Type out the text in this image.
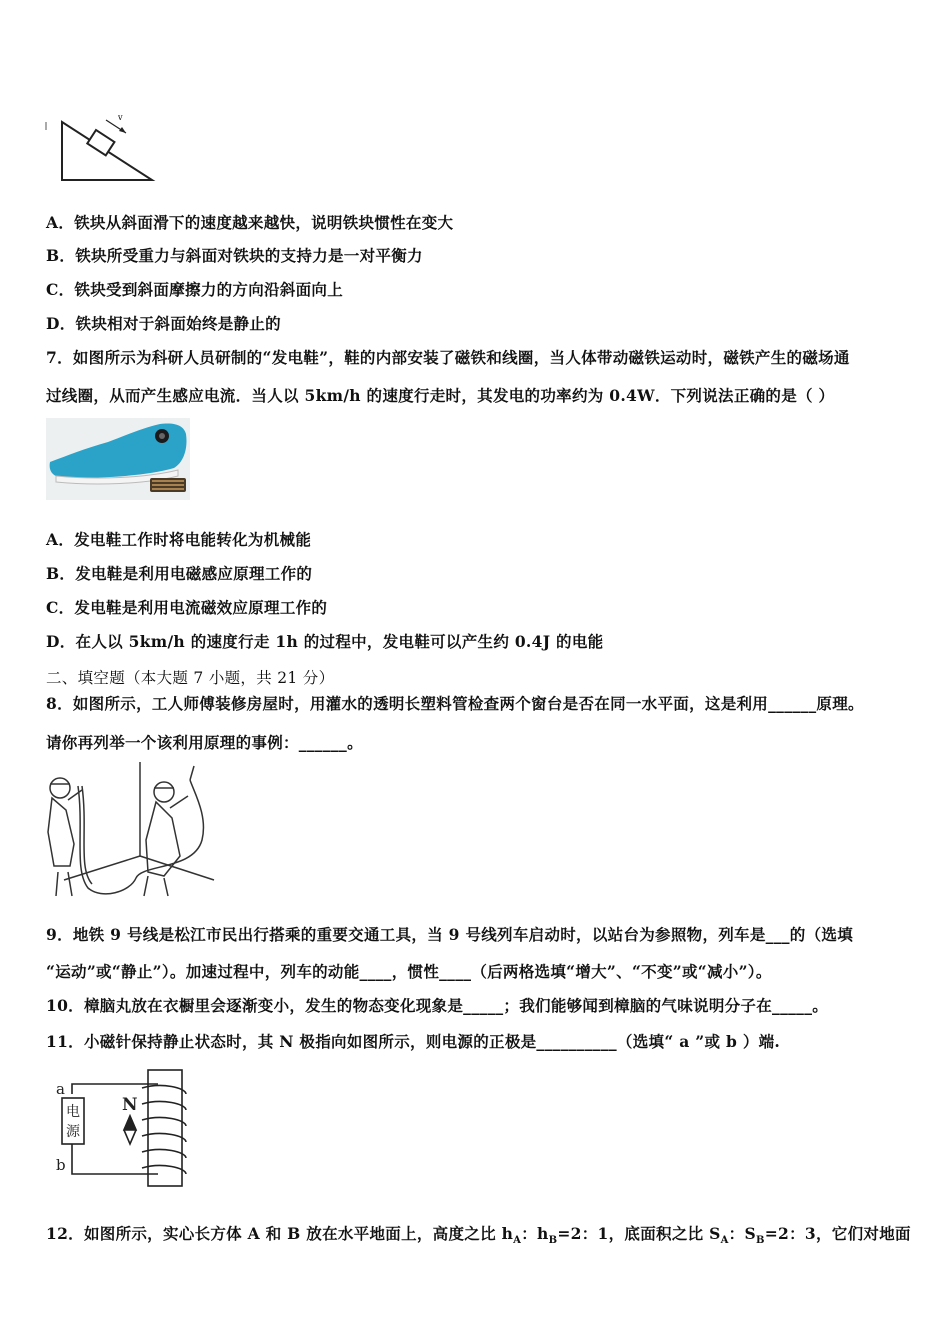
v
A．铁块从斜面滑下的速度越来越快，说明铁块惯性在变大
B．铁块所受重力与斜面对铁块的支持力是一对平衡力
C．铁块受到斜面摩擦力的方向沿斜面向上
D．铁块相对于斜面始终是静止的
7．如图所示为科研人员研制的“发电鞋”，鞋的内部安装了磁铁和线圈，当人体带动磁铁运动时，磁铁产生的磁场通
过线圈，从而产生感应电流．当人以 5km/h 的速度行走时，其发电的功率约为 0.4W．下列说法正确的是（ ）
A．发电鞋工作时将电能转化为机械能
B．发电鞋是利用电磁感应原理工作的
C．发电鞋是利用电流磁效应原理工作的
D．在人以 5km/h 的速度行走 1h 的过程中，发电鞋可以产生约 0.4J 的电能
二、填空题（本大题 7 小题，共 21 分）
8．如图所示，工人师傅装修房屋时，用灌水的透明长塑料管检查两个窗台是否在同一水平面，这是利用______原理。
请你再列举一个该利用原理的事例：______。
9．地铁 9 号线是松江市民出行搭乘的重要交通工具，当 9 号线列车启动时，以站台为参照物，列车是___的（选填
“运动”或“静止”）。加速过程中，列车的动能____，惯性____（后两格选填“增大”、“不变”或“减小”）。
10．樟脑丸放在衣橱里会逐渐变小，发生的物态变化现象是_____；我们能够闻到樟脑的气味说明分子在_____。
11．小磁针保持静止状态时，其 N 极指向如图所示，则电源的正极是__________（选填“ a ”或 b ）端.
电
源
a
b
N
12．如图所示，实心长方体 A 和 B 放在水平地面上，高度之比 $h_A$：$h_B=2$：1，底面积之比 $S_A$：$S_B=2$：3，它们对地面
